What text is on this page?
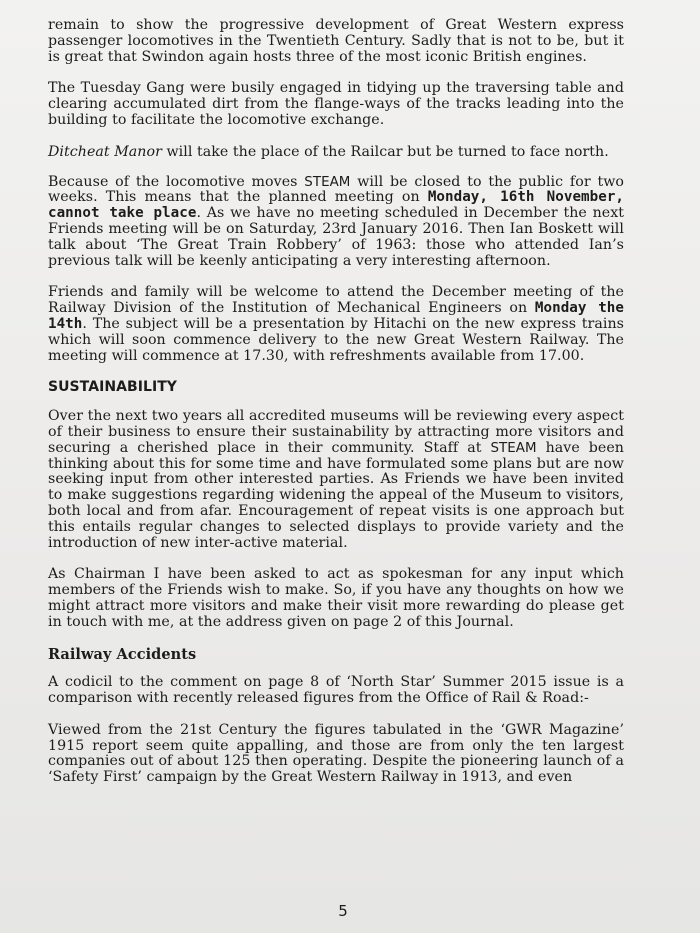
remain to show the progressive development of Great Western express passenger locomotives in the Twentieth Century. Sadly that is not to be, but it is great that Swindon again hosts three of the most iconic British engines.

The Tuesday Gang were busily engaged in tidying up the traversing table and clearing accumulated dirt from the flange-ways of the tracks leading into the building to facilitate the locomotive exchange.

Ditcheat Manor will take the place of the Railcar but be turned to face north.

Because of the locomotive moves STEAM will be closed to the public for two weeks. This means that the planned meeting on Monday, 16th November, cannot take place. As we have no meeting scheduled in December the next Friends meeting will be on Saturday, 23rd January 2016. Then Ian Boskett will talk about ‘The Great Train Robbery’ of 1963: those who attended Ian’s previous talk will be keenly anticipating a very interesting afternoon.

Friends and family will be welcome to attend the December meeting of the Railway Division of the Institution of Mechanical Engineers on Monday the 14th. The subject will be a presentation by Hitachi on the new express trains which will soon commence delivery to the new Great Western Railway. The meeting will commence at 17.30, with refreshments available from 17.00.

SUSTAINABILITY

Over the next two years all accredited museums will be reviewing every aspect of their business to ensure their sustainability by attracting more visitors and securing a cherished place in their community. Staff at STEAM have been thinking about this for some time and have formulated some plans but are now seeking input from other interested parties. As Friends we have been invited to make suggestions regarding widening the appeal of the Museum to visitors, both local and from afar. Encouragement of repeat visits is one approach but this entails regular changes to selected displays to provide variety and the introduction of new inter-active material.

As Chairman I have been asked to act as spokesman for any input which members of the Friends wish to make. So, if you have any thoughts on how we might attract more visitors and make their visit more rewarding do please get in touch with me, at the address given on page 2 of this Journal.

Railway Accidents

A codicil to the comment on page 8 of ‘North Star’ Summer 2015 issue is a comparison with recently released figures from the Office of Rail & Road:-

Viewed from the 21st Century the figures tabulated in the ‘GWR Magazine’ 1915 report seem quite appalling, and those are from only the ten largest companies out of about 125 then operating. Despite the pioneering launch of a ‘Safety First’ campaign by the Great Western Railway in 1913, and even

5
